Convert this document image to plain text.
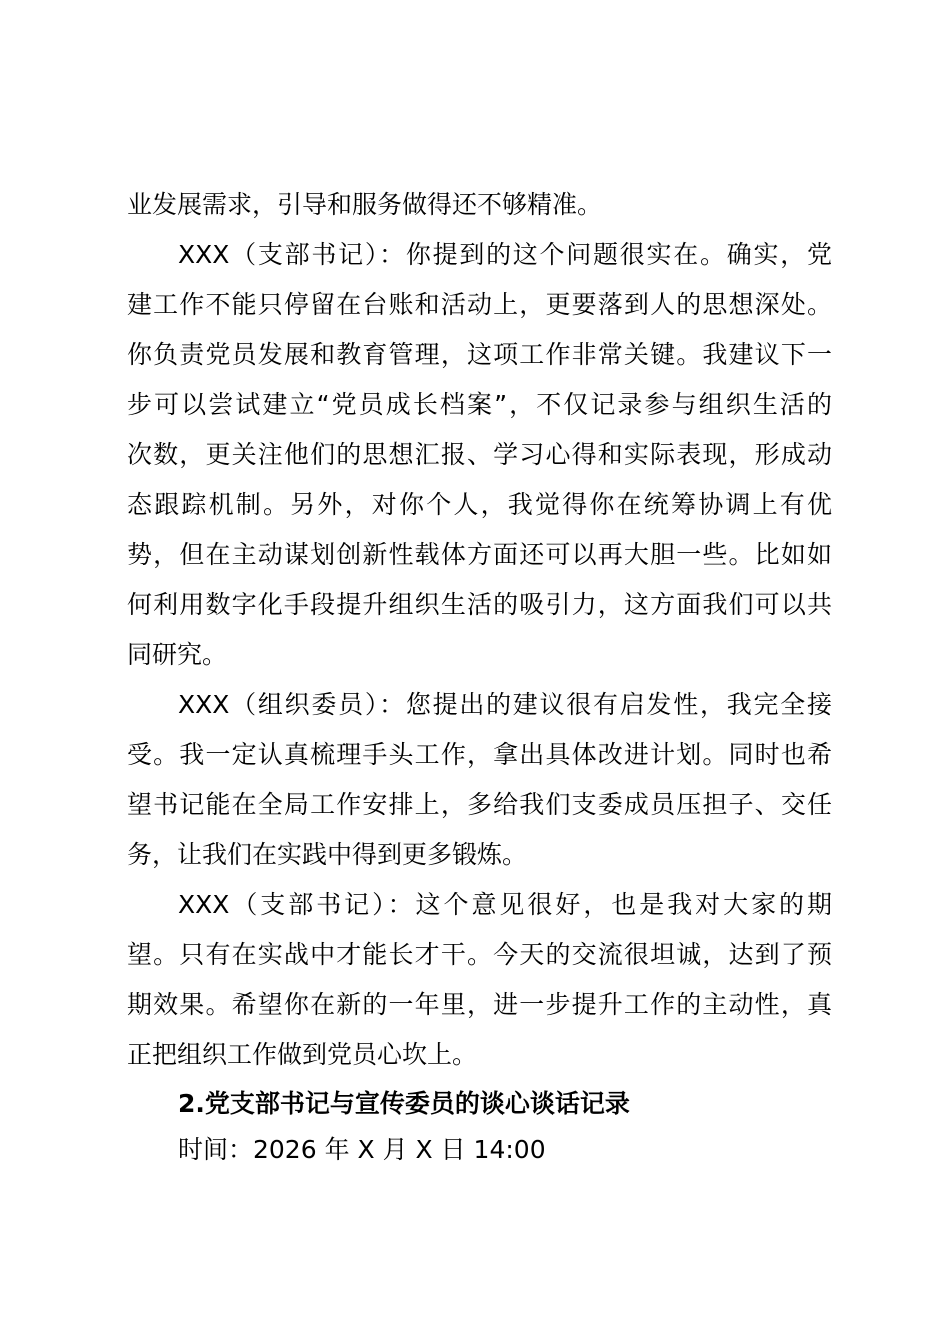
业发展需求，引导和服务做得还不够精准。
XXX（支部书记）：你提到的这个问题很实在。确实，党
建工作不能只停留在台账和活动上，更要落到人的思想深处。
你负责党员发展和教育管理，这项工作非常关键。我建议下一
步可以尝试建立“党员成长档案”，不仅记录参与组织生活的
次数，更关注他们的思想汇报、学习心得和实际表现，形成动
态跟踪机制。另外，对你个人，我觉得你在统筹协调上有优
势，但在主动谋划创新性载体方面还可以再大胆一些。比如如
何利用数字化手段提升组织生活的吸引力，这方面我们可以共
同研究。
XXX（组织委员）：您提出的建议很有启发性，我完全接
受。我一定认真梳理手头工作，拿出具体改进计划。同时也希
望书记能在全局工作安排上，多给我们支委成员压担子、交任
务，让我们在实践中得到更多锻炼。
XXX（支部书记）：这个意见很好，也是我对大家的期
望。只有在实战中才能长才干。今天的交流很坦诚，达到了预
期效果。希望你在新的一年里，进一步提升工作的主动性，真
正把组织工作做到党员心坎上。
2.党支部书记与宣传委员的谈心谈话记录
时间：2026 年 X 月 X 日 14:00
